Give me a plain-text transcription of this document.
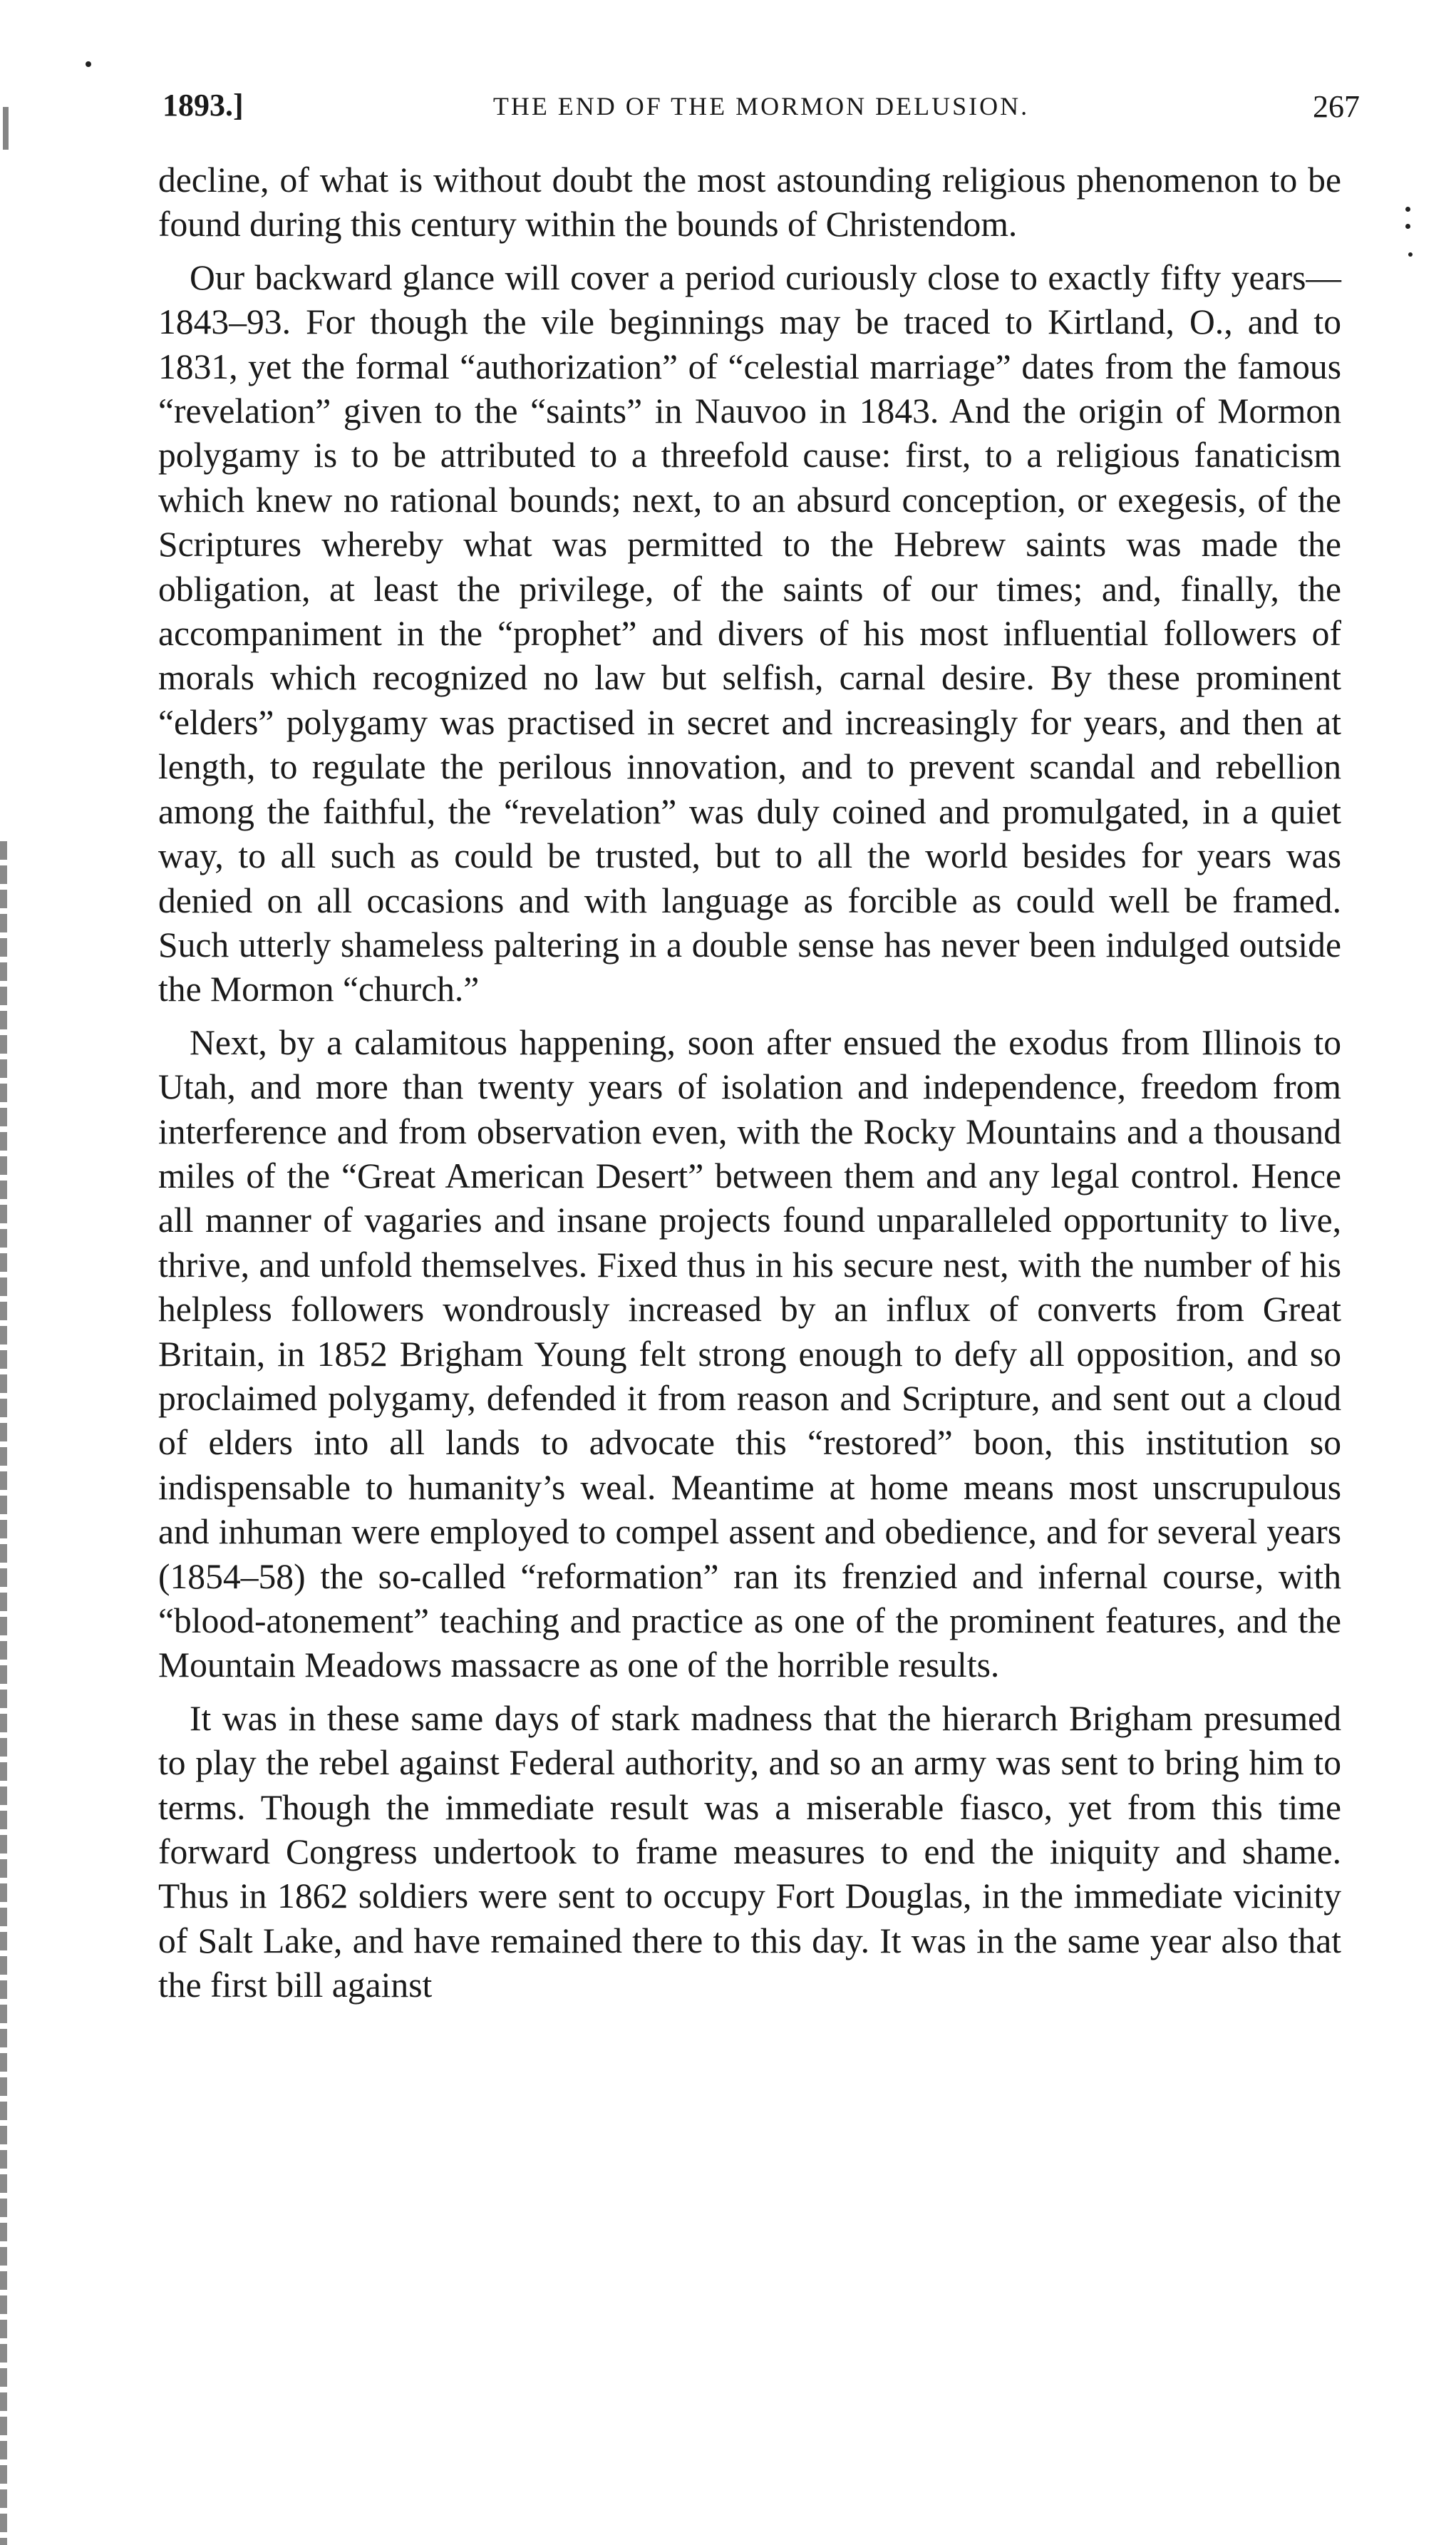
1893.]	THE END OF THE MORMON DELUSION.	267

decline, of what is without doubt the most astounding religious phenomenon to be found during this century within the bounds of Christendom.

Our backward glance will cover a period curiously close to exactly fifty years—1843–93. For though the vile beginnings may be traced to Kirtland, O., and to 1831, yet the formal “authorization” of “celestial marriage” dates from the famous “revelation” given to the “saints” in Nauvoo in 1843. And the origin of Mormon polygamy is to be attributed to a threefold cause: first, to a religious fanaticism which knew no rational bounds; next, to an absurd conception, or exegesis, of the Scriptures whereby what was permitted to the Hebrew saints was made the obligation, at least the privilege, of the saints of our times; and, finally, the accompaniment in the “prophet” and divers of his most influential followers of morals which recognized no law but selfish, carnal desire. By these prominent “elders” polygamy was practised in secret and increasingly for years, and then at length, to regulate the perilous innovation, and to prevent scandal and rebellion among the faithful, the “revelation” was duly coined and promulgated, in a quiet way, to all such as could be trusted, but to all the world besides for years was denied on all occasions and with language as forcible as could well be framed. Such utterly shameless paltering in a double sense has never been indulged outside the Mormon “church.”

Next, by a calamitous happening, soon after ensued the exodus from Illinois to Utah, and more than twenty years of isolation and independence, freedom from interference and from observation even, with the Rocky Mountains and a thousand miles of the “Great American Desert” between them and any legal control. Hence all manner of vagaries and insane projects found unparalleled opportunity to live, thrive, and unfold themselves. Fixed thus in his secure nest, with the number of his helpless followers wondrously increased by an influx of converts from Great Britain, in 1852 Brigham Young felt strong enough to defy all opposition, and so proclaimed polygamy, defended it from reason and Scripture, and sent out a cloud of elders into all lands to advocate this “restored” boon, this institution so indispensable to humanity’s weal. Meantime at home means most unscrupulous and inhuman were employed to compel assent and obedience, and for several years (1854–58) the so-called “reformation” ran its frenzied and infernal course, with “blood-atonement” teaching and practice as one of the prominent features, and the Mountain Meadows massacre as one of the horrible results.

It was in these same days of stark madness that the hierarch Brigham presumed to play the rebel against Federal authority, and so an army was sent to bring him to terms. Though the immediate result was a miserable fiasco, yet from this time forward Congress undertook to frame measures to end the iniquity and shame. Thus in 1862 soldiers were sent to occupy Fort Douglas, in the immediate vicinity of Salt Lake, and have remained there to this day. It was in the same year also that the first bill against
